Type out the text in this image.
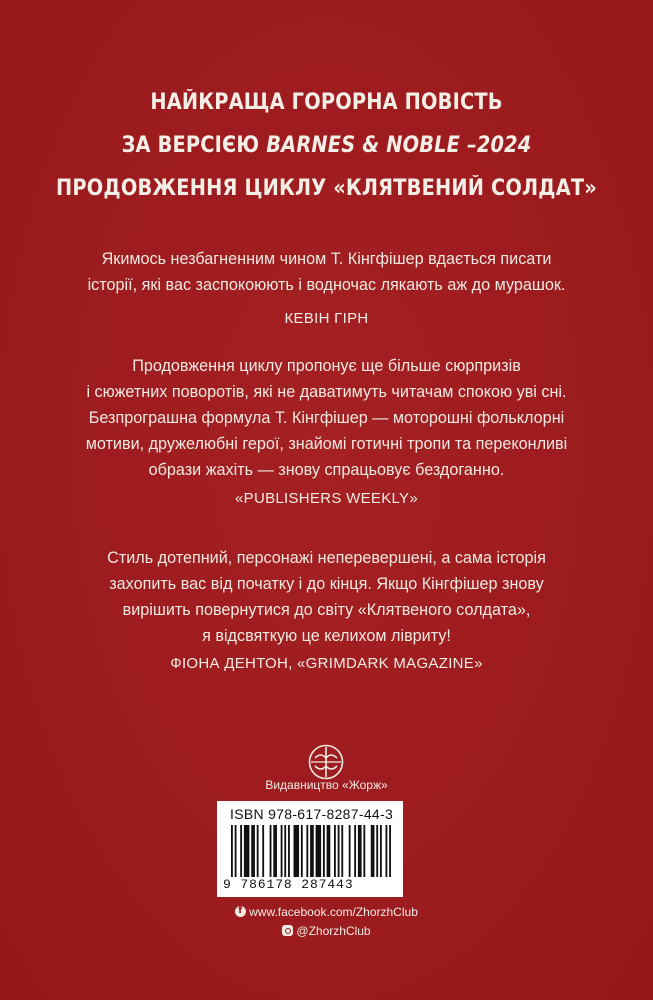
НАЙКРАЩА ГОРОРНА ПОВІСТЬ
ЗА ВЕРСІЄЮ BARNES & NOBLE –2024
ПРОДОВЖЕННЯ ЦИКЛУ «КЛЯТВЕНИЙ СОЛДАТ»
Якимось незбагненним чином Т. Кінгфішер вдається писати
історії, які вас заспокоюють і водночас лякають аж до мурашок.
КЕВІН ГІРН
Продовження циклу пропонує ще більше сюрпризів
і сюжетних поворотів, які не даватимуть читачам спокою уві сні.
Безпрограшна формула Т. Кінгфішер — моторошні фольклорні
мотиви, дружелюбні герої, знайомі готичні тропи та переконливі
образи жахіть — знову спрацьовує бездоганно.
«PUBLISHERS WEEKLY»
Стиль дотепний, персонажі неперевершені, а сама історія
захопить вас від початку і до кінця. Якщо Кінгфішер знову
вирішить повернутися до світу «Клятвеного солдата»,
я відсвяткую це келихом лівриту!
ФІОНА ДЕНТОН, «GRIMDARK MAGAZINE»
Видавництво «Жорж»
ISBN 978-617-8287-44-3
9 786178 287443
fwww.facebook.com/ZhorzhClub
@ZhorzhClub
